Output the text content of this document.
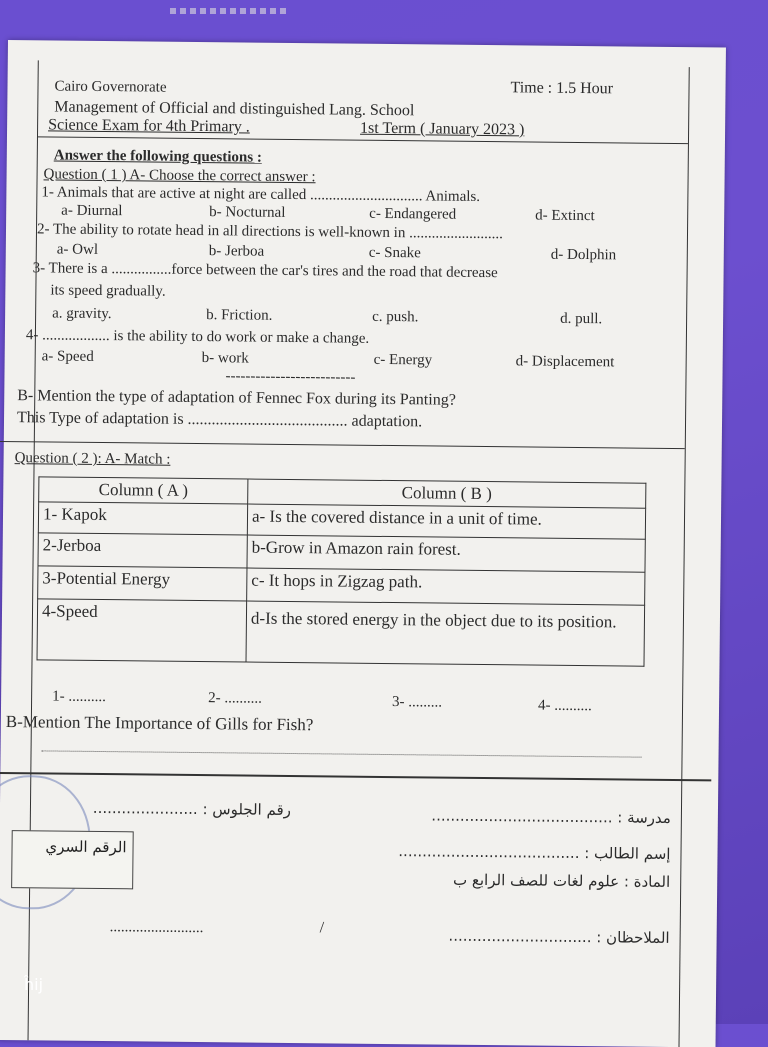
Cairo Governorate	Time : 1.5 Hour
Management of Official and distinguished Lang. School
Science Exam for 4th Primary .	1st Term ( January 2023 )
Answer the following questions :
Question ( 1 ) A- Choose the correct answer :
1- Animals that are active at night are called .............................. Animals.
a- Diurnal	b- Nocturnal	c- Endangered	d- Extinct
2- The ability to rotate head in all directions is well-known in .........................
a- Owl	b- Jerboa	c- Snake	d- Dolphin
3- There is a ................force between the car's tires and the road that decrease
its speed gradually.
a. gravity.	b. Friction.	c. push.	d. pull.
4- .................. is the ability to do work or make a change.
a- Speed	b- work	c- Energy	d- Displacement
--------------------------
B- Mention the type of adaptation of Fennec Fox during its Panting?
This Type of adaptation is ........................................ adaptation.
Question ( 2 ): A- Match :
Column ( A )	Column ( B )
1- Kapok	a- Is the covered distance in a unit of time.
2-Jerboa	b-Grow in Amazon rain forest.
3-Potential Energy	c- It hops in Zigzag path.
4-Speed	d-Is the stored energy in the object due to its position.
1- ..........	2- ..........	3- .........	4- ..........
B-Mention The Importance of Gills for Fish?
رقم الجلوس : ......................	مدرسة : ......................................
إسم الطالب : ......................................
المادة : علوم لغات للصف الرابع ب
الملاحظان : ..............................
/
.........................
الرقم السري
ĥij
